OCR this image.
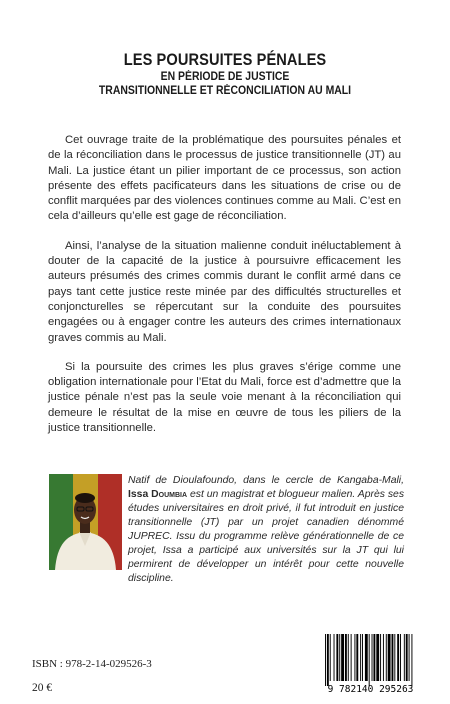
LES POURSUITES PÉNALES
EN PÉRIODE DE JUSTICE
TRANSITIONNELLE ET RÉCONCILIATION AU MALI

Cet ouvrage traite de la problématique des poursuites pénales et de la réconciliation dans le processus de justice transitionnelle (JT) au Mali. La justice étant un pilier important de ce processus, son action présente des effets pacificateurs dans les situations de crise ou de conflit marquées par des violences continues comme au Mali. C’est en cela d’ailleurs qu’elle est gage de réconciliation.

Ainsi, l’analyse de la situation malienne conduit inéluctablement à douter de la capacité de la justice à poursuivre efficacement les auteurs présumés des crimes commis durant le conflit armé dans ce pays tant cette justice reste minée par des difficultés structurelles et conjoncturelles se répercutant sur la conduite des poursuites engagées ou à engager contre les auteurs des crimes internationaux graves commis au Mali.

Si la poursuite des crimes les plus graves s’érige comme une obligation internationale pour l’Etat du Mali, force est d’admettre que la justice pénale n’est pas la seule voie menant à la réconciliation qui demeure le résultat de la mise en œuvre de tous les piliers de la justice transitionnelle.

Natif de Dioulafoundo, dans le cercle de Kangaba-Mali, Issa Doumbia est un magistrat et blogueur malien. Après ses études universitaires en droit privé, il fut introduit en justice transitionnelle (JT) par un projet canadien dénommé JUPREC. Issu du programme relève générationnelle de ce projet, Issa a participé aux universités sur la JT qui lui permirent de développer un intérêt pour cette nouvelle discipline.
ISBN : 978-2-14-029526-3
20 €	9 782140 295263
